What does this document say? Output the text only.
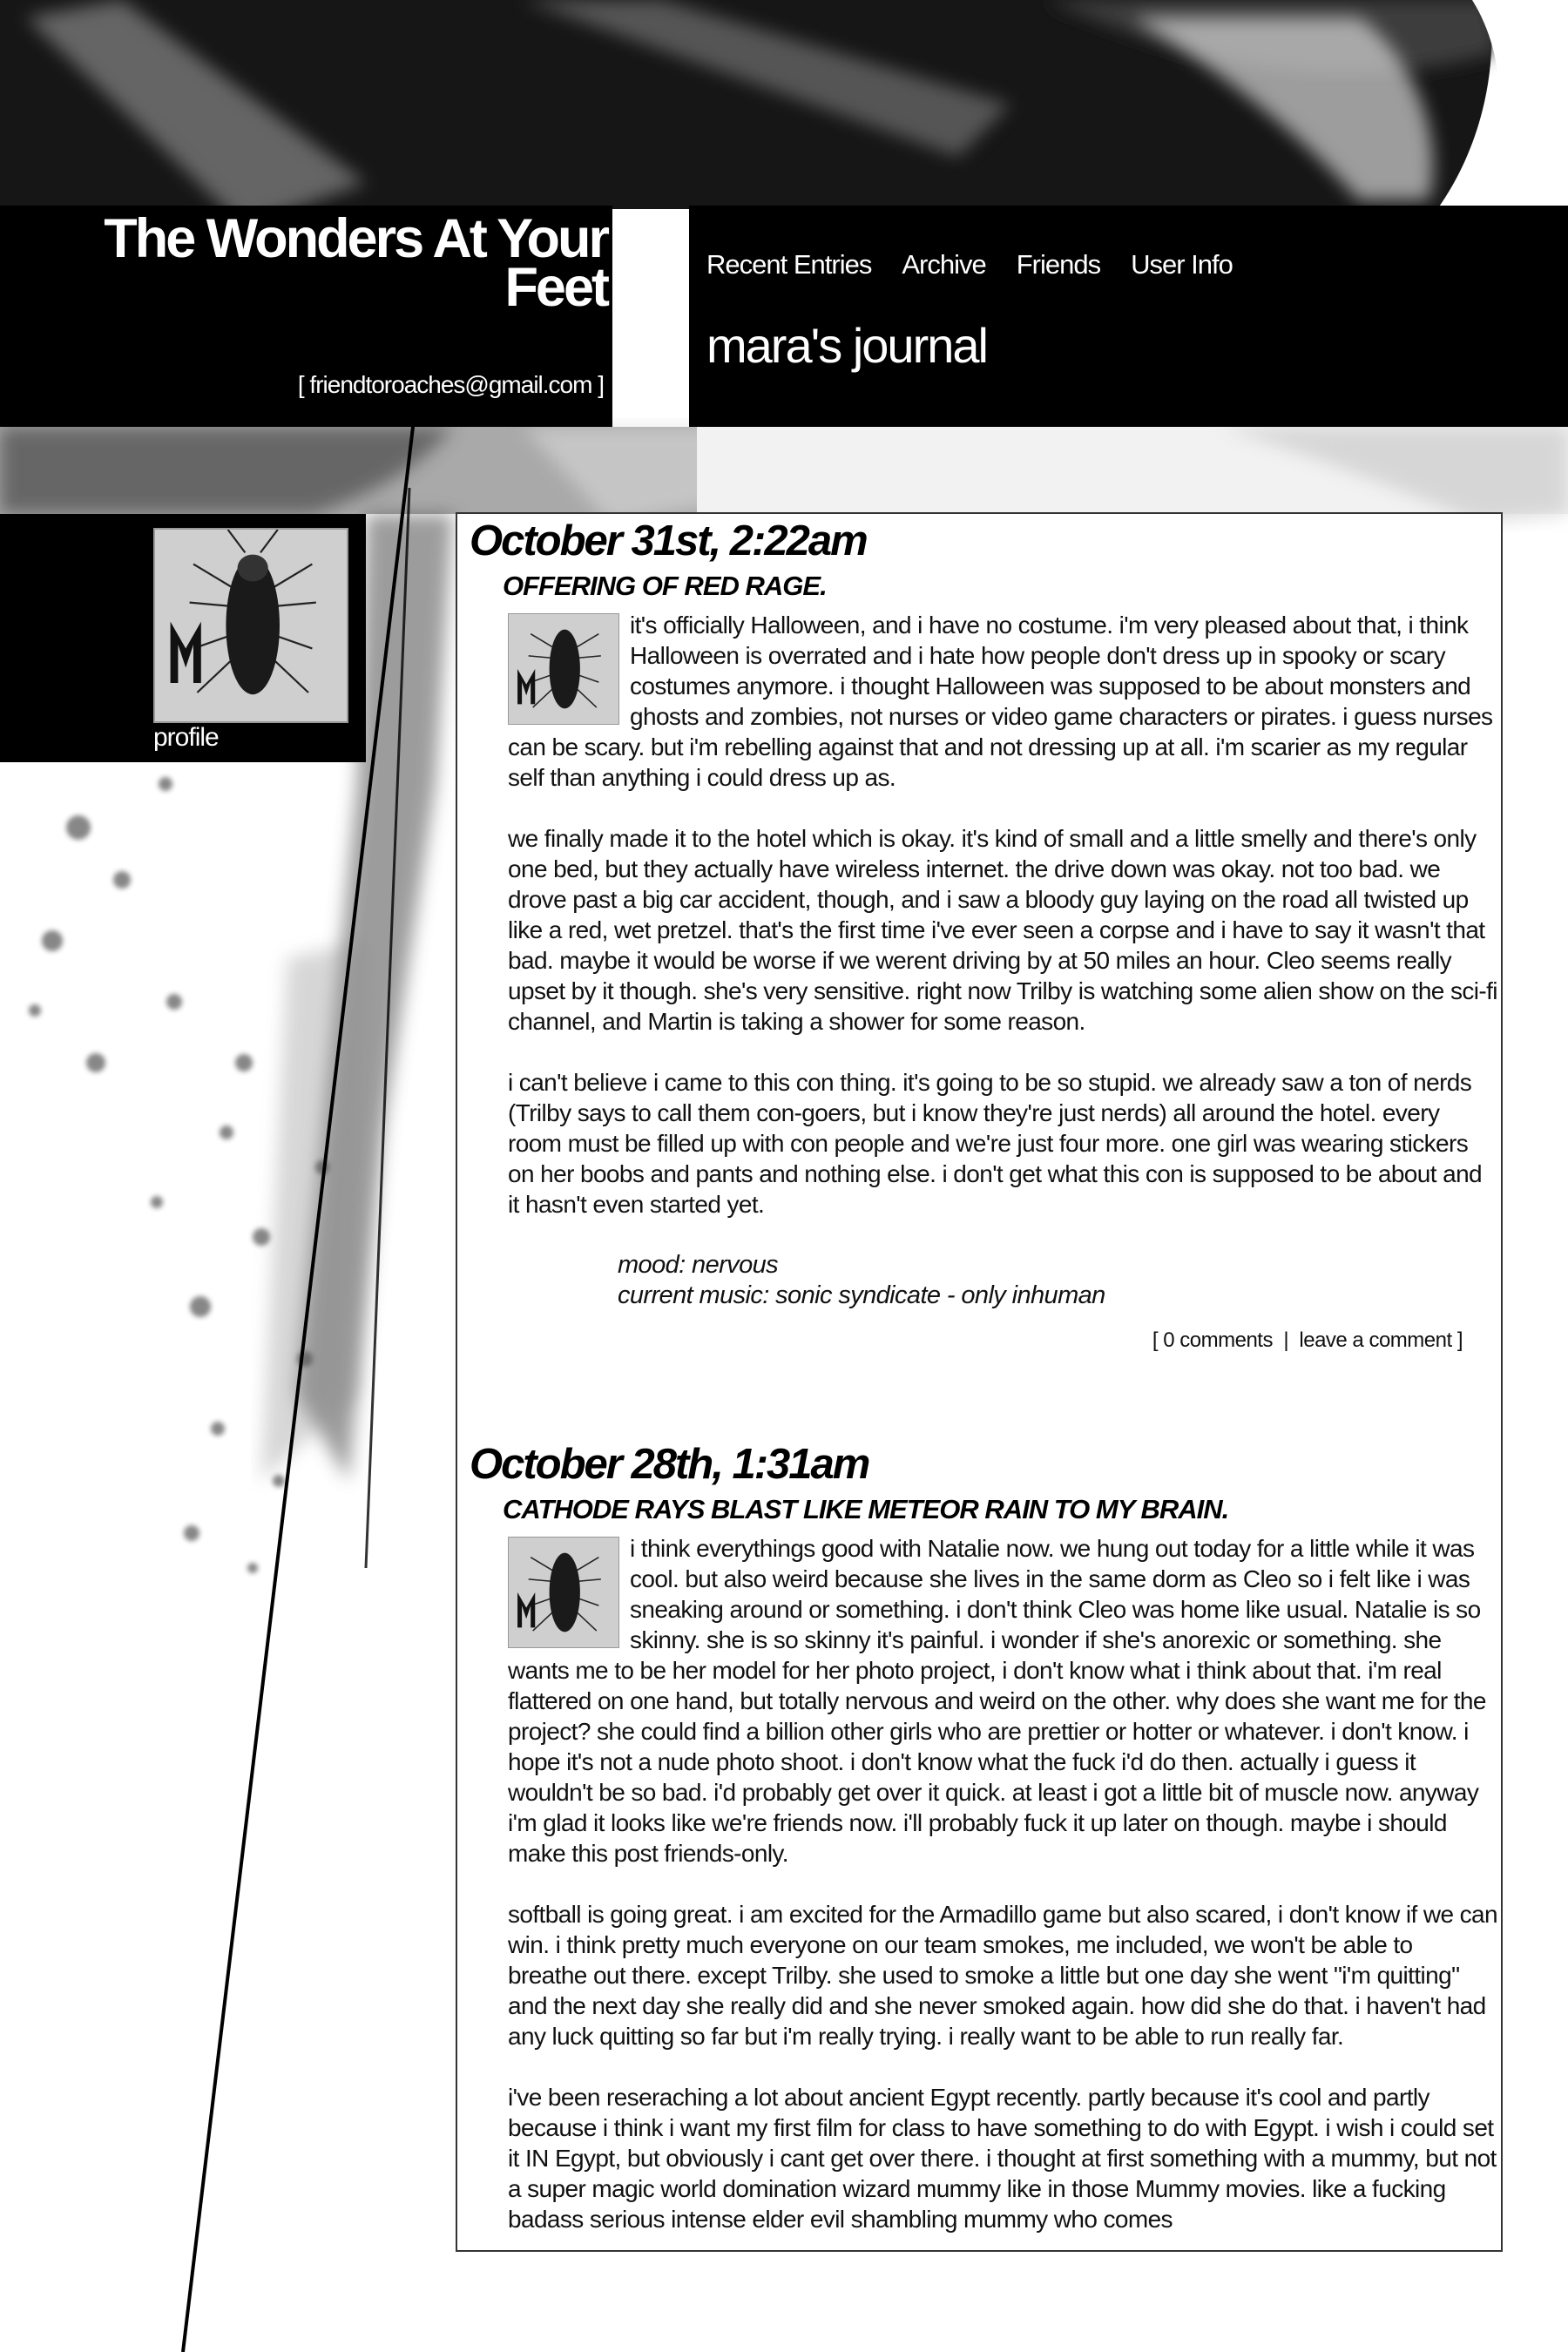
The Wonders At Your Feet
[ friendtoroaches@gmail.com ]
Recent Entries Archive Friends User Info
mara's journal
profile
October 31st, 2:22am
OFFERING OF RED RAGE.

it's officially Halloween, and i have no costume. i'm very pleased about that, i think Halloween is overrated and i hate how people don't dress up in spooky or scary costumes anymore. i thought Halloween was supposed to be about monsters and ghosts and zombies, not nurses or video game characters or pirates. i guess nurses can be scary. but i'm rebelling against that and not dressing up at all. i'm scarier as my regular self than anything i could dress up as.

we finally made it to the hotel which is okay. it's kind of small and a little smelly and there's only one bed, but they actually have wireless internet. the drive down was okay. not too bad. we drove past a big car accident, though, and i saw a bloody guy laying on the road all twisted up like a red, wet pretzel. that's the first time i've ever seen a corpse and i have to say it wasn't that bad. maybe it would be worse if we werent driving by at 50 miles an hour. Cleo seems really upset by it though. she's very sensitive. right now Trilby is watching some alien show on the sci-fi channel, and Martin is taking a shower for some reason.

i can't believe i came to this con thing. it's going to be so stupid. we already saw a ton of nerds (Trilby says to call them con-goers, but i know they're just nerds) all around the hotel. every room must be filled up with con people and we're just four more. one girl was wearing stickers on her boobs and pants and nothing else. i don't get what this con is supposed to be about and it hasn't even started yet.

mood: nervous
current music: sonic syndicate - only inhuman
[ 0 comments  |  leave a comment ]
October 28th, 1:31am
CATHODE RAYS BLAST LIKE METEOR RAIN TO MY BRAIN.

i think everythings good with Natalie now. we hung out today for a little while it was cool. but also weird because she lives in the same dorm as Cleo so i felt like i was sneaking around or something. i don't think Cleo was home like usual. Natalie is so skinny. she is so skinny it's painful. i wonder if she's anorexic or something. she wants me to be her model for her photo project, i don't know what i think about that. i'm real flattered on one hand, but totally nervous and weird on the other. why does she want me for the project? she could find a billion other girls who are prettier or hotter or whatever. i don't know. i hope it's not a nude photo shoot. i don't know what the fuck i'd do then. actually i guess it wouldn't be so bad. i'd probably get over it quick. at least i got a little bit of muscle now. anyway i'm glad it looks like we're friends now. i'll probably fuck it up later on though. maybe i should make this post friends-only.

softball is going great. i am excited for the Armadillo game but also scared, i don't know if we can win. i think pretty much everyone on our team smokes, me included, we won't be able to breathe out there. except Trilby. she used to smoke a little but one day she went "i'm quitting" and the next day she really did and she never smoked again. how did she do that. i haven't had any luck quitting so far but i'm really trying. i really want to be able to run really far.

i've been reseraching a lot about ancient Egypt recently. partly because it's cool and partly because i think i want my first film for class to have something to do with Egypt. i wish i could set it IN Egypt, but obviously i cant get over there. i thought at first something with a mummy, but not a super magic world domination wizard mummy like in those Mummy movies. like a fucking badass serious intense elder evil shambling mummy who comes
